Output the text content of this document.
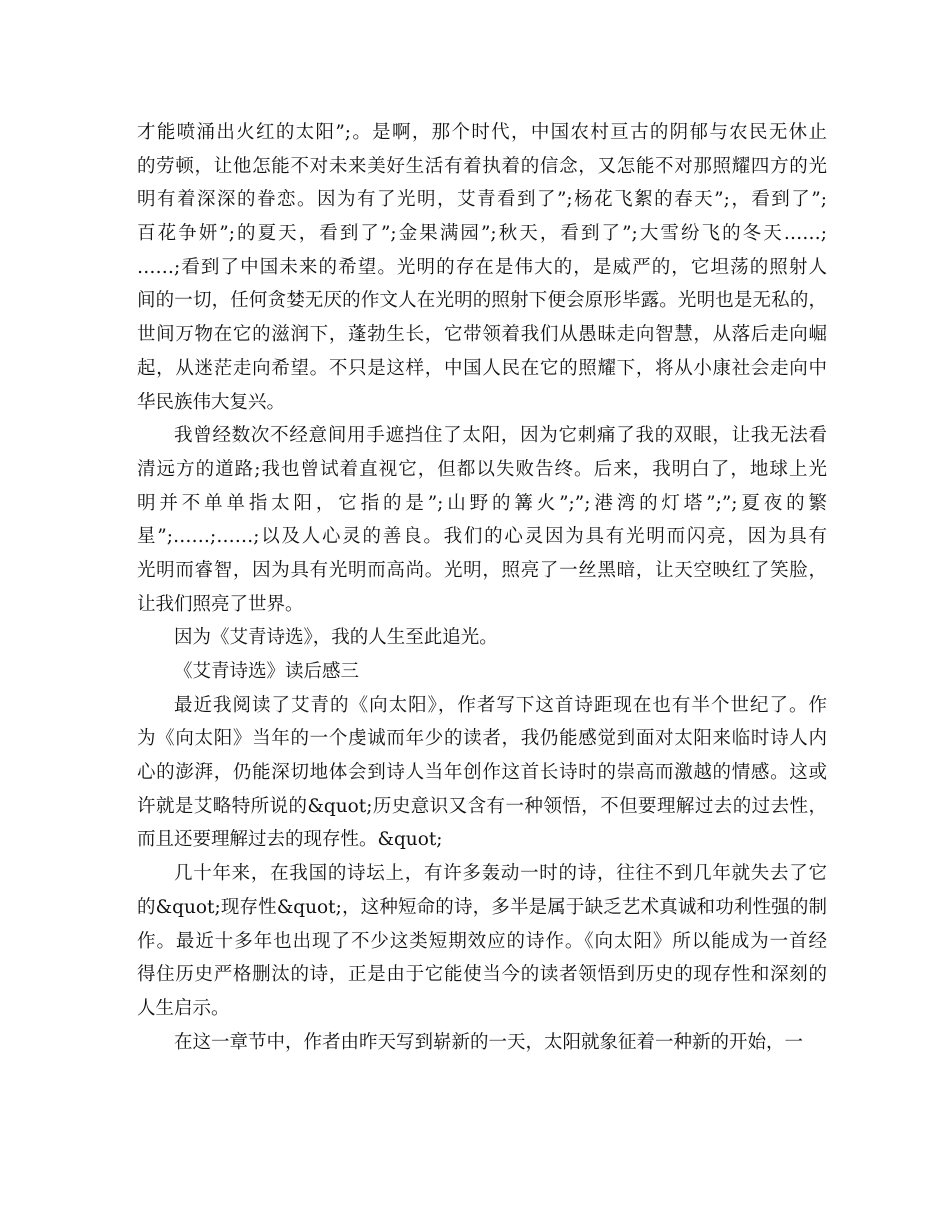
才能喷涌出火红的太阳”;。是啊，那个时代，中国农村亘古的阴郁与农民无休止
的劳顿，让他怎能不对未来美好生活有着执着的信念，又怎能不对那照耀四方的光
明有着深深的眷恋。因为有了光明，艾青看到了”;杨花飞絮的春天”;，看到了”;
百花争妍”;的夏天，看到了”;金果满园”;秋天，看到了”;大雪纷飞的冬天……;
……;看到了中国未来的希望。光明的存在是伟大的，是威严的，它坦荡的照射人
间的一切，任何贪婪无厌的作文人在光明的照射下便会原形毕露。光明也是无私的，
世间万物在它的滋润下，蓬勃生长，它带领着我们从愚昧走向智慧，从落后走向崛
起，从迷茫走向希望。不只是这样，中国人民在它的照耀下，将从小康社会走向中
华民族伟大复兴。
我曾经数次不经意间用手遮挡住了太阳，因为它刺痛了我的双眼，让我无法看
清远方的道路;我也曾试着直视它，但都以失败告终。后来，我明白了，地球上光
明并不单单指太阳，它指的是”;山野的篝火”;”;港湾的灯塔”;”;夏夜的繁
星”;……;……;以及人心灵的善良。我们的心灵因为具有光明而闪亮，因为具有
光明而睿智，因为具有光明而高尚。光明，照亮了一丝黑暗，让天空映红了笑脸，
让我们照亮了世界。
因为《艾青诗选》，我的人生至此追光。
《艾青诗选》读后感三
最近我阅读了艾青的《向太阳》，作者写下这首诗距现在也有半个世纪了。作
为《向太阳》当年的一个虔诚而年少的读者，我仍能感觉到面对太阳来临时诗人内
心的澎湃，仍能深切地体会到诗人当年创作这首长诗时的崇高而激越的情感。这或
许就是艾略特所说的&quot;历史意识又含有一种领悟，不但要理解过去的过去性，
而且还要理解过去的现存性。&quot;
几十年来，在我国的诗坛上，有许多轰动一时的诗，往往不到几年就失去了它
的&quot;现存性&quot;，这种短命的诗，多半是属于缺乏艺术真诚和功利性强的制
作。最近十多年也出现了不少这类短期效应的诗作。《向太阳》所以能成为一首经
得住历史严格删汰的诗，正是由于它能使当今的读者领悟到历史的现存性和深刻的
人生启示。
在这一章节中，作者由昨天写到崭新的一天，太阳就象征着一种新的开始，一
